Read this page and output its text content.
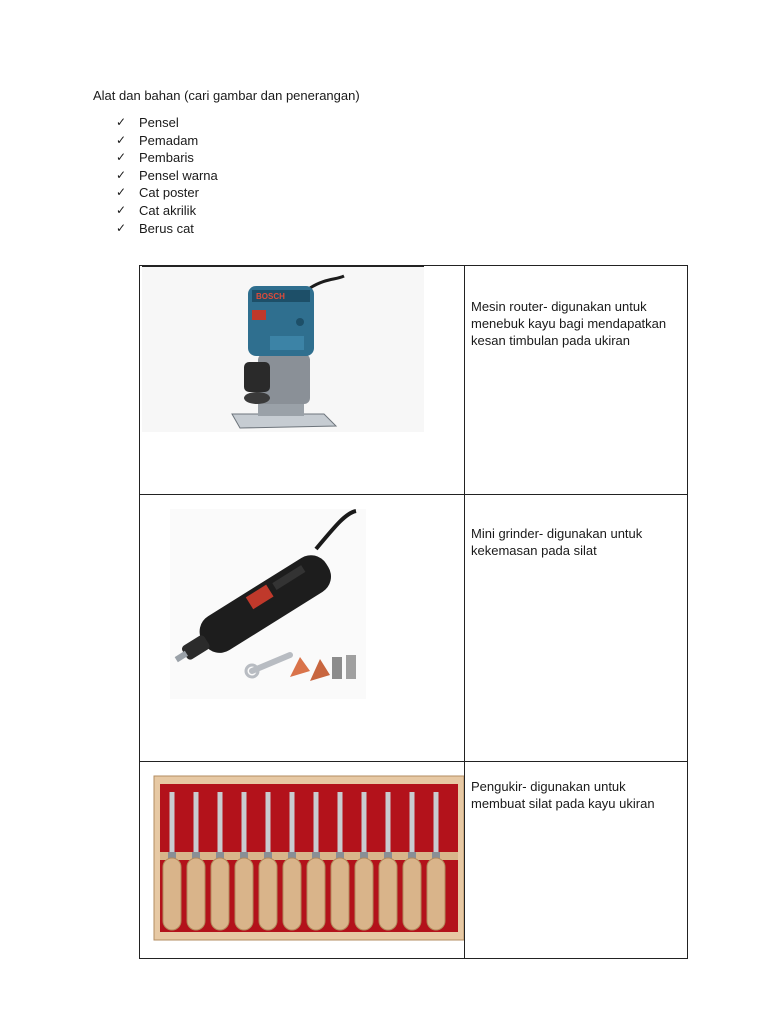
Alat dan bahan (cari gambar dan penerangan)
✓ Pensel
✓ Pemadam
✓ Pembaris
✓ Pensel warna
✓ Cat poster
✓ Cat akrilik
✓ Berus cat
BOSCH	Mesin router- digunakan untuk menebuk kayu bagi mendapatkan kesan timbulan pada ukiran

	Mini grinder- digunakan untuk kekemasan pada silat

	Pengukir- digunakan untuk membuat silat pada kayu ukiran
